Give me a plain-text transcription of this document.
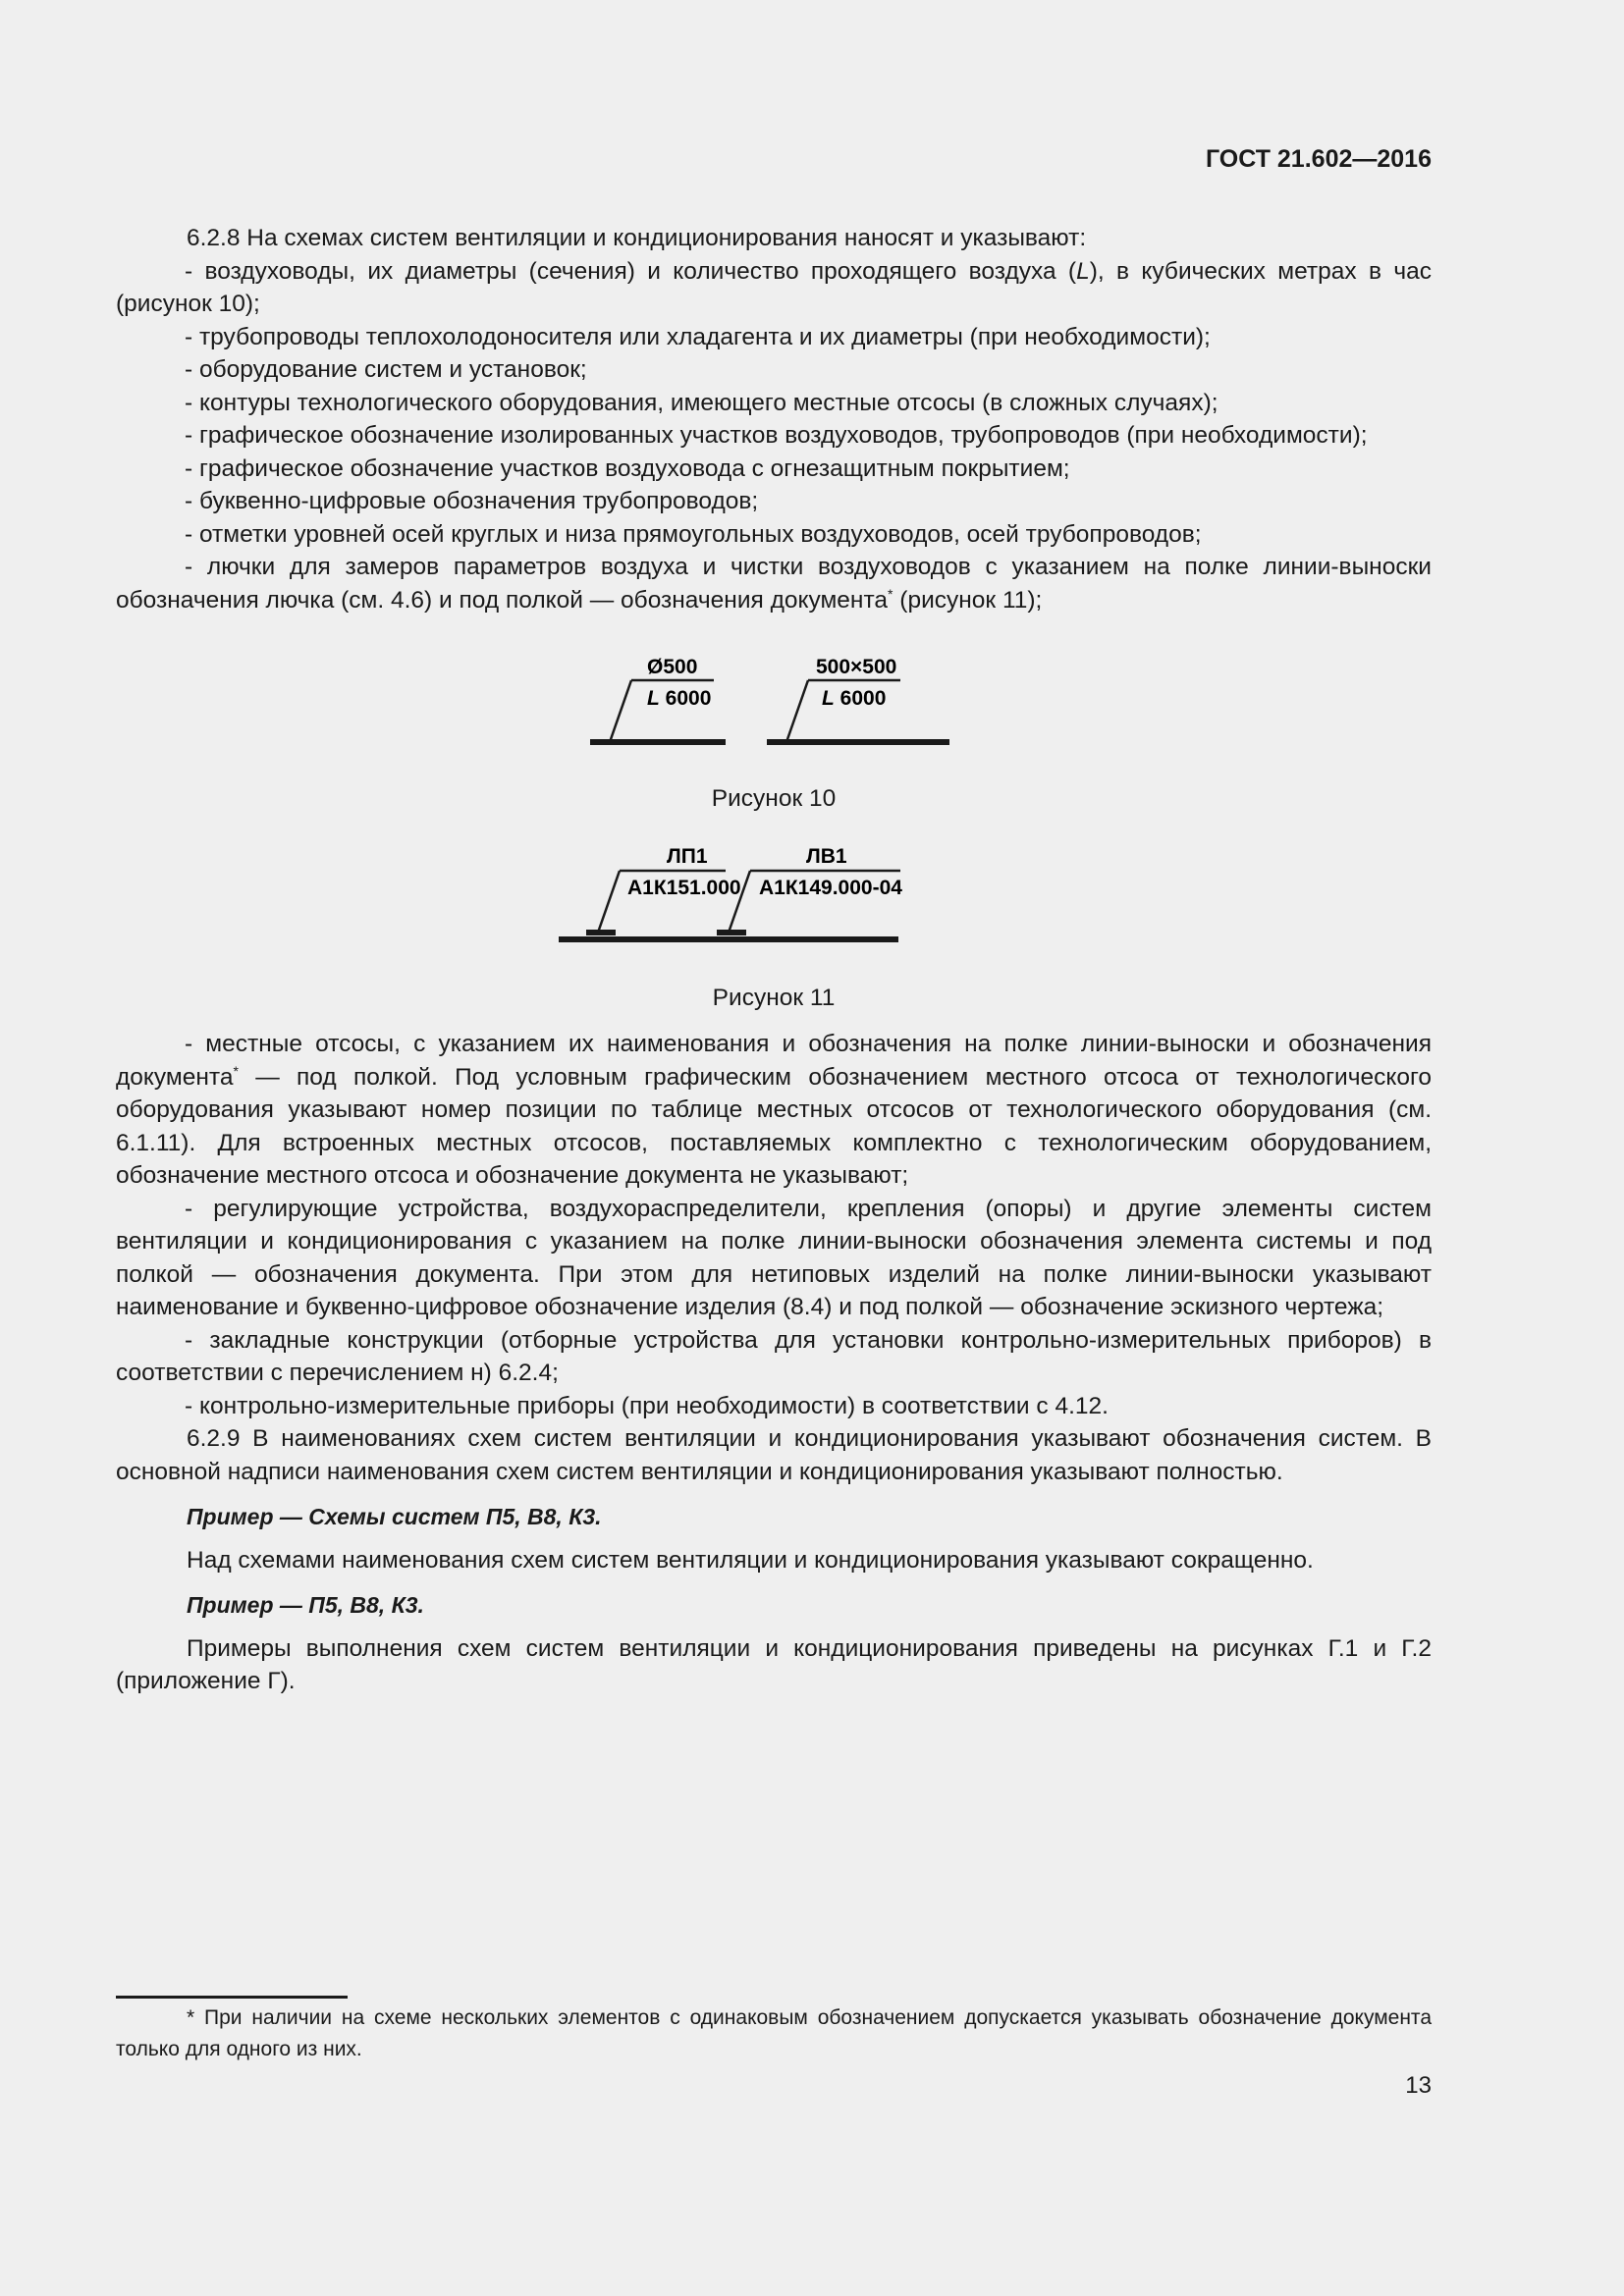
ГОСТ 21.602—2016

6.2.8 На схемах систем вентиляции и кондиционирования наносят и указывают:

- воздуховоды, их диаметры (сечения) и количество проходящего воздуха (L), в кубических метрах в час (рисунок 10);

- трубопроводы теплохолодоносителя или хладагента и их диаметры (при необходимости);

- оборудование систем и установок;

- контуры технологического оборудования, имеющего местные отсосы (в сложных случаях);

- графическое обозначение изолированных участков воздуховодов, трубопроводов (при необходимости);

- графическое обозначение участков воздуховода с огнезащитным покрытием;

- буквенно-цифровые обозначения трубопроводов;

- отметки уровней осей круглых и низа прямоугольных воздуховодов, осей трубопроводов;

- лючки для замеров параметров воздуха и чистки воздуховодов с указанием на полке линии-выноски обозначения лючка (см. 4.6) и под полкой — обозначения документа* (рисунок 11);

Ø500
L 6000
500×500
L 6000
Рисунок 10
ЛП1
А1К151.000
ЛВ1
А1К149.000-04
Рисунок 11

- местные отсосы, с указанием их наименования и обозначения на полке линии-выноски и обозначения документа* — под полкой. Под условным графическим обозначением местного отсоса от технологического оборудования указывают номер позиции по таблице местных отсосов от технологического оборудования (см. 6.1.11). Для встроенных местных отсосов, поставляемых комплектно с технологическим оборудованием, обозначение местного отсоса и обозначение документа не указывают;

- регулирующие устройства, воздухораспределители, крепления (опоры) и другие элементы систем вентиляции и кондиционирования с указанием на полке линии-выноски обозначения элемента системы и под полкой — обозначения документа. При этом для нетиповых изделий на полке линии-выноски указывают наименование и буквенно-цифровое обозначение изделия (8.4) и под полкой — обозначение эскизного чертежа;

- закладные конструкции (отборные устройства для установки контрольно-измерительных приборов) в соответствии с перечислением н) 6.2.4;

- контрольно-измерительные приборы (при необходимости) в соответствии с 4.12.

6.2.9 В наименованиях схем систем вентиляции и кондиционирования указывают обозначения систем. В основной надписи наименования схем систем вентиляции и кондиционирования указывают полностью.

Пример — Схемы систем П5, В8, К3.

Над схемами наименования схем систем вентиляции и кондиционирования указывают сокращенно.

Пример — П5, В8, К3.

Примеры выполнения схем систем вентиляции и кондиционирования приведены на рисунках Г.1 и Г.2 (приложение Г).

* При наличии на схеме нескольких элементов с одинаковым обозначением допускается указывать обозначение документа только для одного из них.
13
